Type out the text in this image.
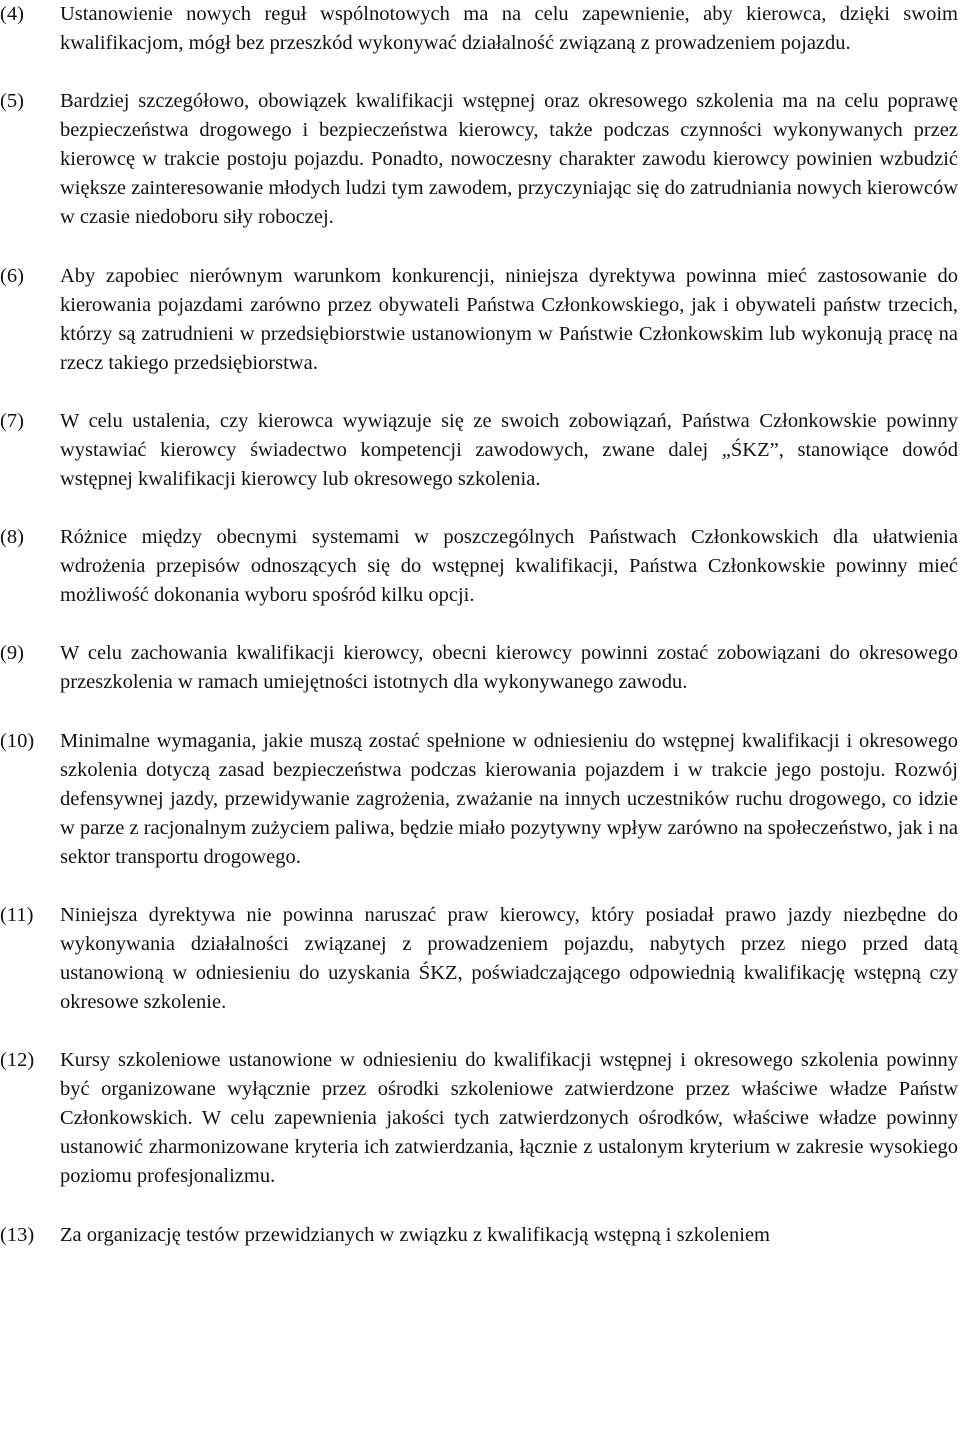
(4)	Ustanowienie nowych reguł wspólnotowych ma na celu zapewnienie, aby kierowca, dzięki swoim kwalifikacjom, mógł bez przeszkód wykonywać działalność związaną z prowadzeniem pojazdu.
(5)	Bardziej szczegółowo, obowiązek kwalifikacji wstępnej oraz okresowego szkolenia ma na celu poprawę bezpieczeństwa drogowego i bezpieczeństwa kierowcy, także podczas czynności wykonywanych przez kierowcę w trakcie postoju pojazdu. Ponadto, nowoczesny charakter zawodu kierowcy powinien wzbudzić większe zainteresowanie młodych ludzi tym zawodem, przyczyniając się do zatrudniania nowych kierowców w czasie niedoboru siły roboczej.
(6)	Aby zapobiec nierównym warunkom konkurencji, niniejsza dyrektywa powinna mieć zastosowanie do kierowania pojazdami zarówno przez obywateli Państwa Członkowskiego, jak i obywateli państw trzecich, którzy są zatrudnieni w przedsiębiorstwie ustanowionym w Państwie Członkowskim lub wykonują pracę na rzecz takiego przedsiębiorstwa.
(7)	W celu ustalenia, czy kierowca wywiązuje się ze swoich zobowiązań, Państwa Członkowskie powinny wystawiać kierowcy świadectwo kompetencji zawodowych, zwane dalej „ŚKZ”, stanowiące dowód wstępnej kwalifikacji kierowcy lub okresowego szkolenia.
(8)	Różnice między obecnymi systemami w poszczególnych Państwach Członkowskich dla ułatwienia wdrożenia przepisów odnoszących się do wstępnej kwalifikacji, Państwa Członkowskie powinny mieć możliwość dokonania wyboru spośród kilku opcji.
(9)	W celu zachowania kwalifikacji kierowcy, obecni kierowcy powinni zostać zobowiązani do okresowego przeszkolenia w ramach umiejętności istotnych dla wykonywanego zawodu.
(10)	Minimalne wymagania, jakie muszą zostać spełnione w odniesieniu do wstępnej kwalifikacji i okresowego szkolenia dotyczą zasad bezpieczeństwa podczas kierowania pojazdem i w trakcie jego postoju. Rozwój defensywnej jazdy, przewidywanie zagrożenia, zważanie na innych uczestników ruchu drogowego, co idzie w parze z racjonalnym zużyciem paliwa, będzie miało pozytywny wpływ zarówno na społeczeństwo, jak i na sektor transportu drogowego.
(11)	Niniejsza dyrektywa nie powinna naruszać praw kierowcy, który posiadał prawo jazdy niezbędne do wykonywania działalności związanej z prowadzeniem pojazdu, nabytych przez niego przed datą ustanowioną w odniesieniu do uzyskania ŚKZ, poświadczającego odpowiednią kwalifikację wstępną czy okresowe szkolenie.
(12)	Kursy szkoleniowe ustanowione w odniesieniu do kwalifikacji wstępnej i okresowego szkolenia powinny być organizowane wyłącznie przez ośrodki szkoleniowe zatwierdzone przez właściwe władze Państw Członkowskich. W celu zapewnienia jakości tych zatwierdzonych ośrodków, właściwe władze powinny ustanowić zharmonizowane kryteria ich zatwierdzania, łącznie z ustalonym kryterium w zakresie wysokiego poziomu profesjonalizmu.
(13)	Za organizację testów przewidzianych w związku z kwalifikacją wstępną i szkoleniem
